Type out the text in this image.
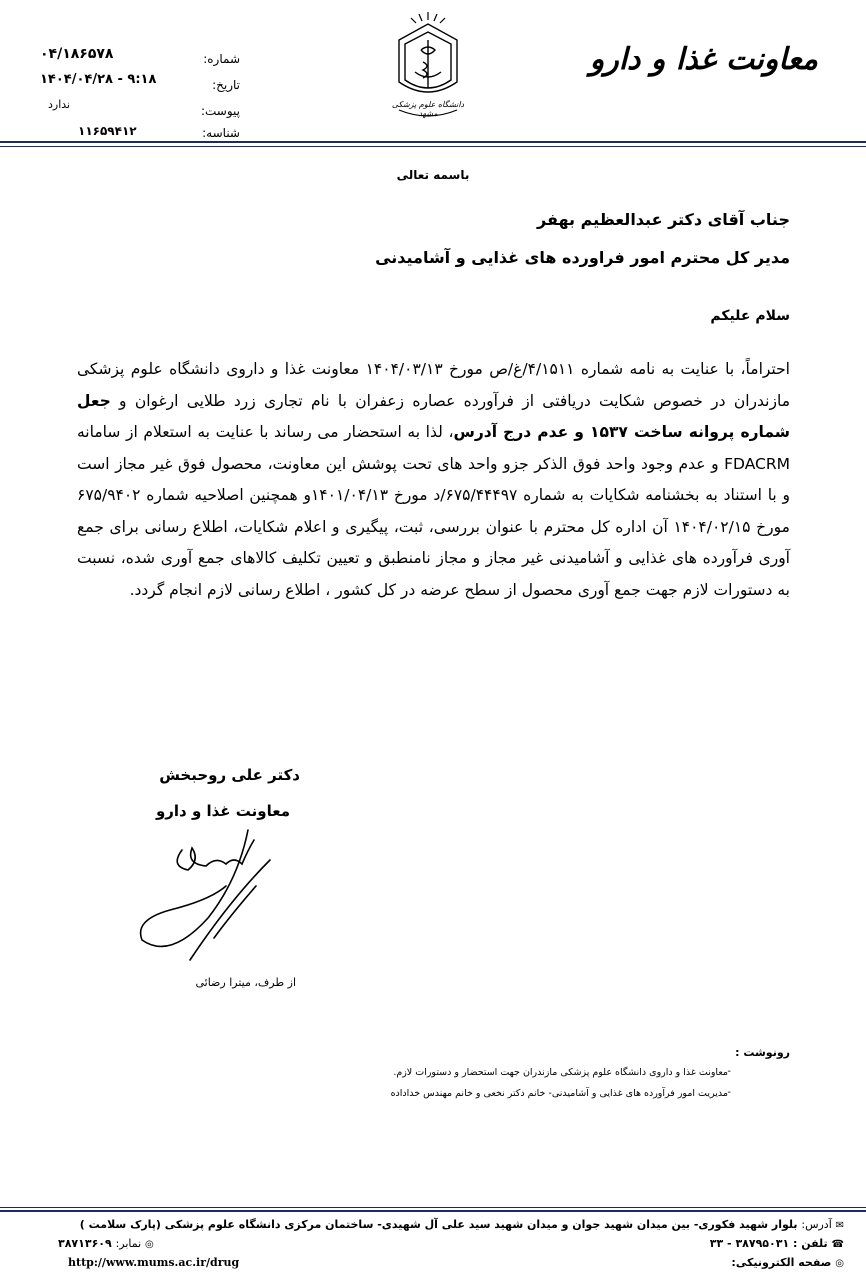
معاونت غذا و دارو
دانشگاه علوم پزشکی مشهد
شماره:
تاریخ:
پیوست:
شناسه:
۰۴/۱۸۶۵۷۸
۱۴۰۴/۰۴/۲۸ - ۹:۱۸
ندارد
۱۱۶۵۹۴۱۲
باسمه تعالی
جناب آقای دکتر عبدالعظیم بهفر
مدیر کل محترم امور فراورده های غذایی و آشامیدنی
سلام علیکم
احتراماً، با عنایت به نامه شماره ۴/۱۵۱۱/غ/ص مورخ ۱۴۰۴/۰۳/۱۳ معاونت غذا و داروی دانشگاه علوم پزشکی مازندران در خصوص شکایت دریافتی از فرآورده عصاره زعفران با نام تجاری زرد طلایی ارغوان و جعل شماره پروانه ساخت ۱۵۳۷ و عدم درج آدرس، لذا به استحضار می رساند با عنایت به استعلام از سامانه FDACRM و عدم وجود واحد فوق الذکر جزو واحد های تحت پوشش این معاونت، محصول فوق غیر مجاز است و با استناد به بخشنامه شکایات به شماره ۶۷۵/۴۴۴۹۷/د مورخ ۱۴۰۱/۰۴/۱۳و همچنین اصلاحیه شماره ۶۷۵/۹۴۰۲ مورخ ۱۴۰۴/۰۲/۱۵ آن اداره کل محترم با عنوان بررسی، ثبت، پیگیری و اعلام شکایات، اطلاع رسانی برای جمع آوری فرآورده های غذایی و آشامیدنی غیر مجاز و مجاز نامنطبق و تعیین تکلیف کالاهای جمع آوری شده، نسبت به دستورات لازم جهت جمع آوری محصول از سطح عرضه در کل کشور ، اطلاع رسانی لازم انجام گردد.
دکتر علی روحبخش
معاونت غذا و دارو
از طرف، میترا رضائی
رونوشت :
-
معاونت غذا و داروی دانشگاه علوم پزشکی مازندران جهت استحضار و دستورات لازم.
-
مدیریت امور فرآورده های غذایی و آشامیدنی- خانم دکتر نخعی و خانم مهندس خداداده
✉ آدرس: بلوار شهید فکوری- بین میدان شهید جوان و میدان شهید سید علی آل شهیدی- ساختمان مرکزی دانشگاه علوم پزشکی (پارک سلامت )
☎ تلفن : ۳۸۷۹۵۰۳۱ - ۳۳
◎ صفحه الکترونیکی:
◎ نمابر: ۳۸۷۱۳۶۰۹
http://www.mums.ac.ir/drug
